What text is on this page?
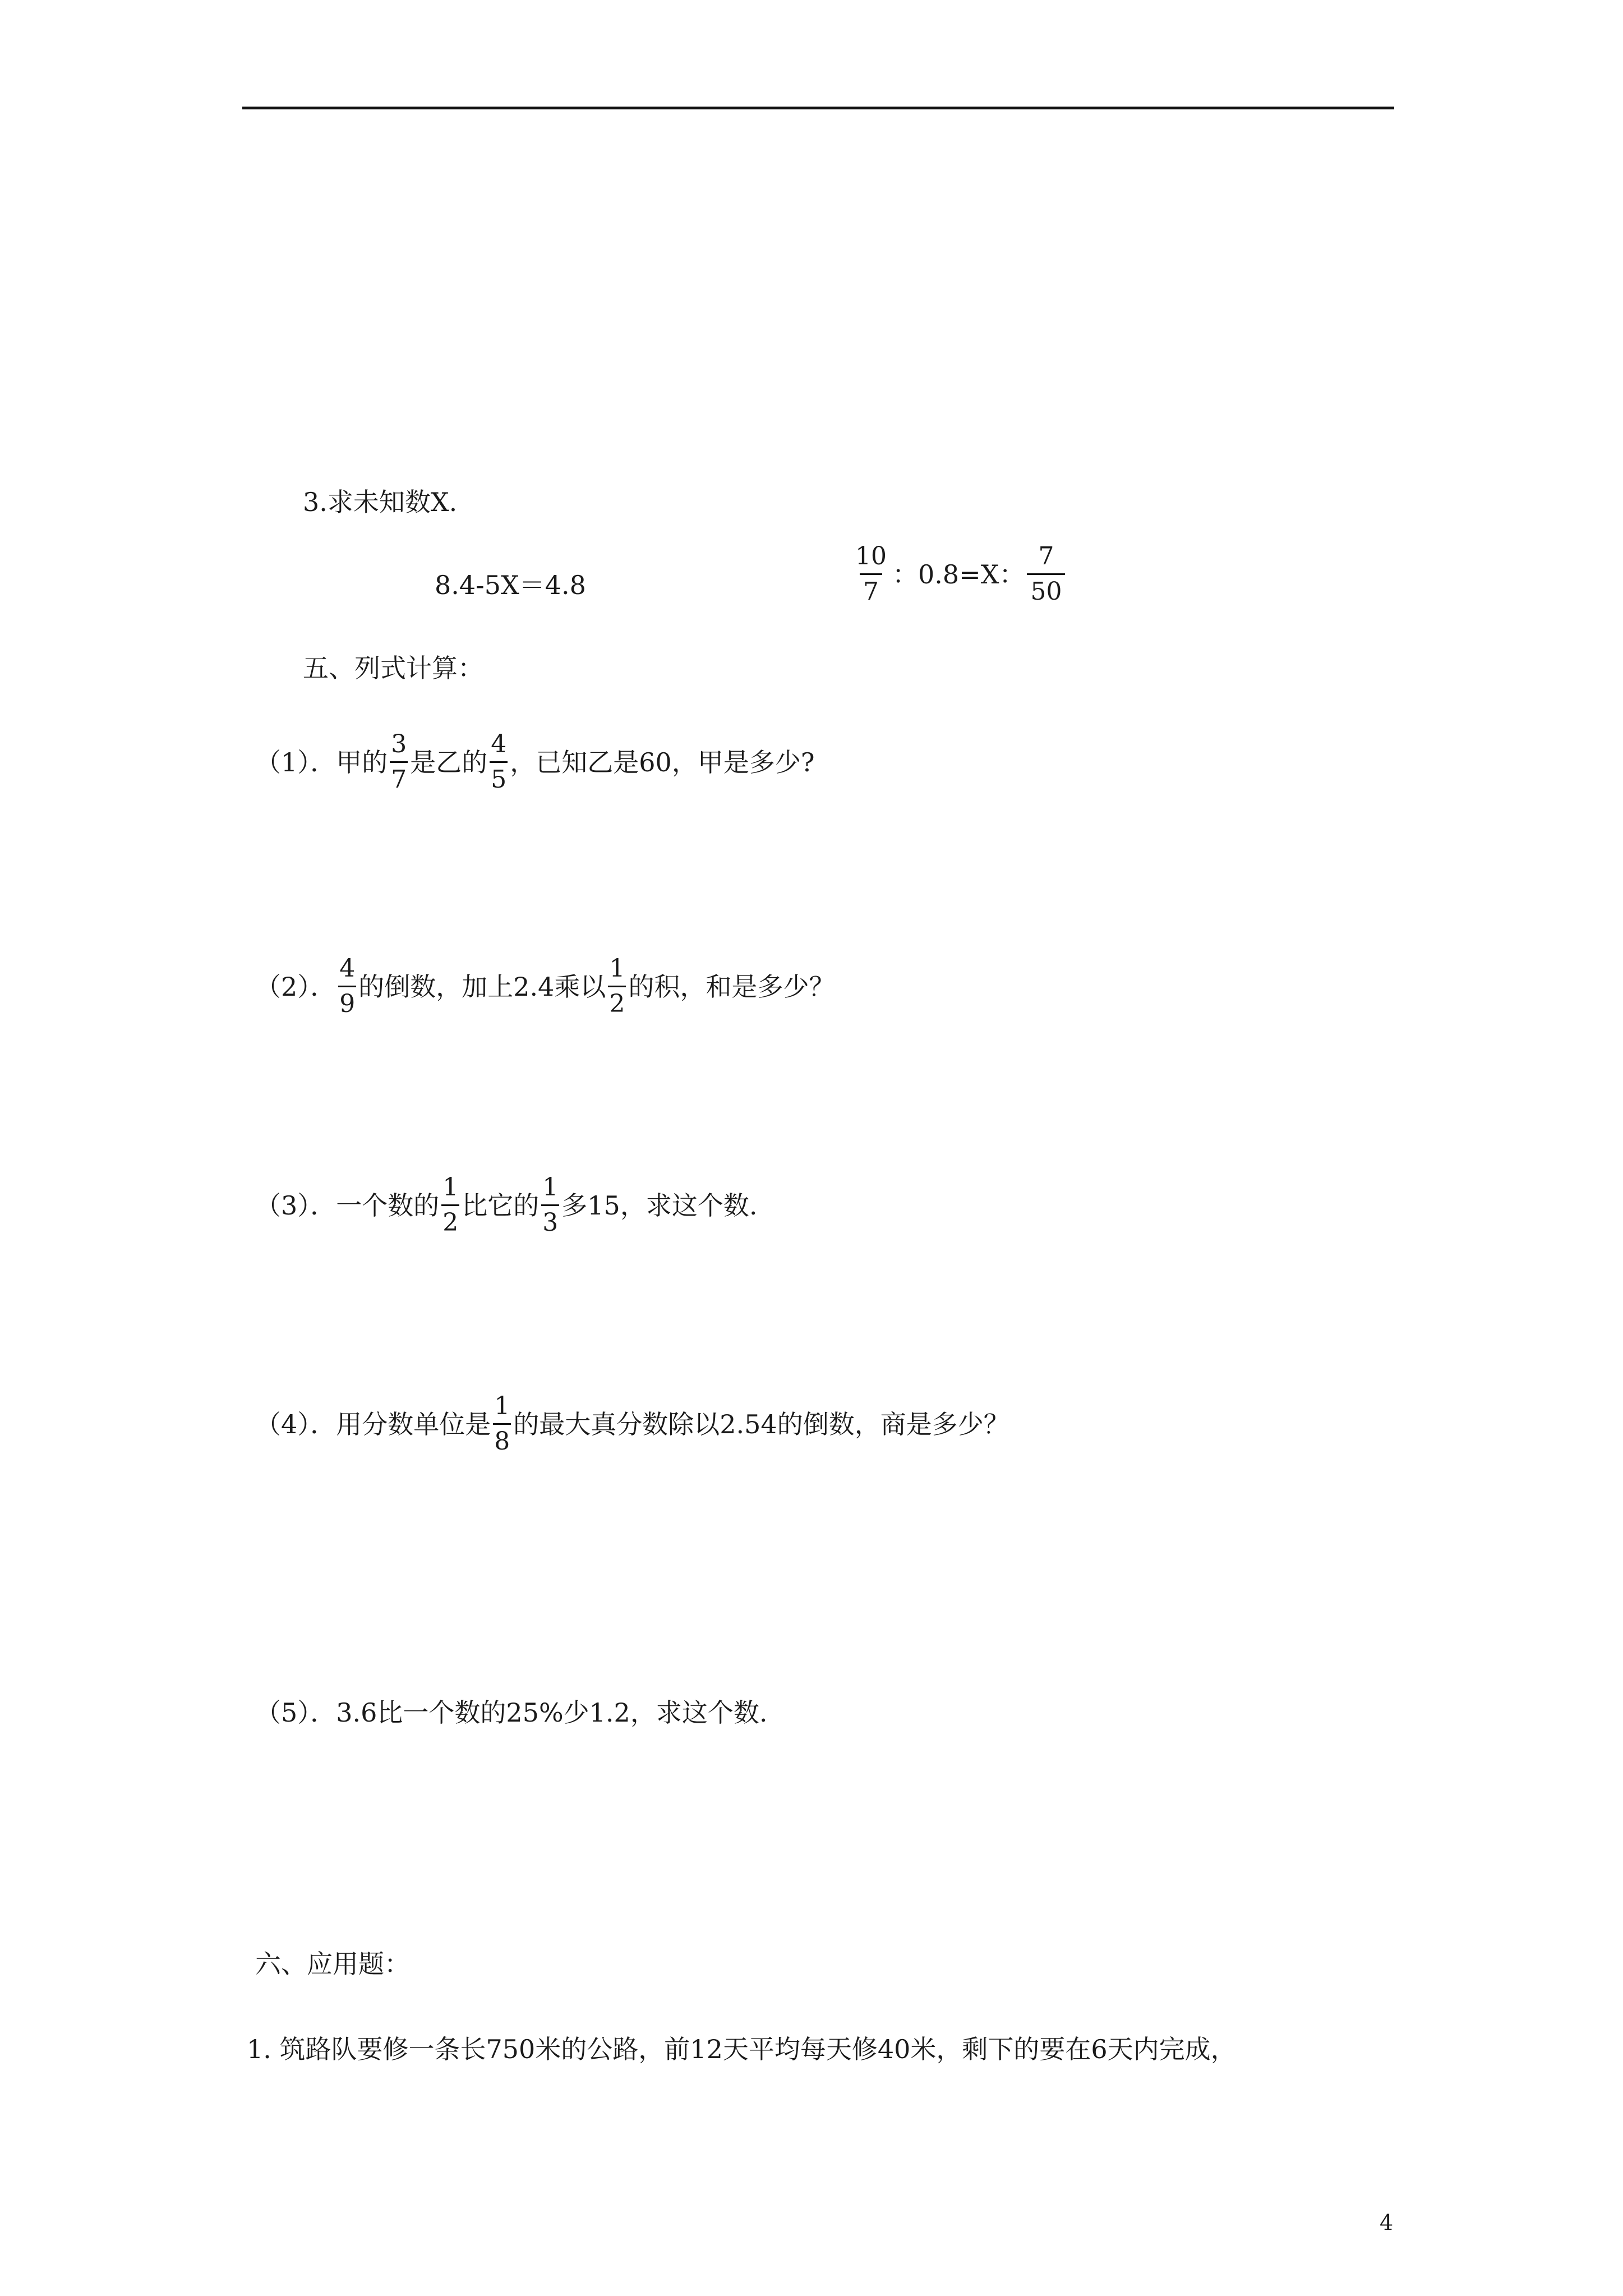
3.求未知数X.
8.4-5X＝4.8	$\frac{10}{7}$ ：0.8=X： $\frac{7}{50}$
五、列式计算：
（1）．甲的 $\frac{3}{7}$ 是乙的 $\frac{4}{5}$ ，已知乙是60，甲是多少?
（2）． $\frac{4}{9}$ 的倒数，加上2.4乘以 $\frac{1}{2}$ 的积，和是多少？
（3）．一个数的 $\frac{1}{2}$ 比它的 $\frac{1}{3}$ 多15，求这个数.
（4）．用分数单位是 $\frac{1}{8}$ 的最大真分数除以2.54的倒数，商是多少？
（5）．3.6比一个数的25%少1.2，求这个数.
六、应用题：
1. 筑路队要修一条长750米的公路，前12天平均每天修40米，剩下的要在6天内完成，
4
